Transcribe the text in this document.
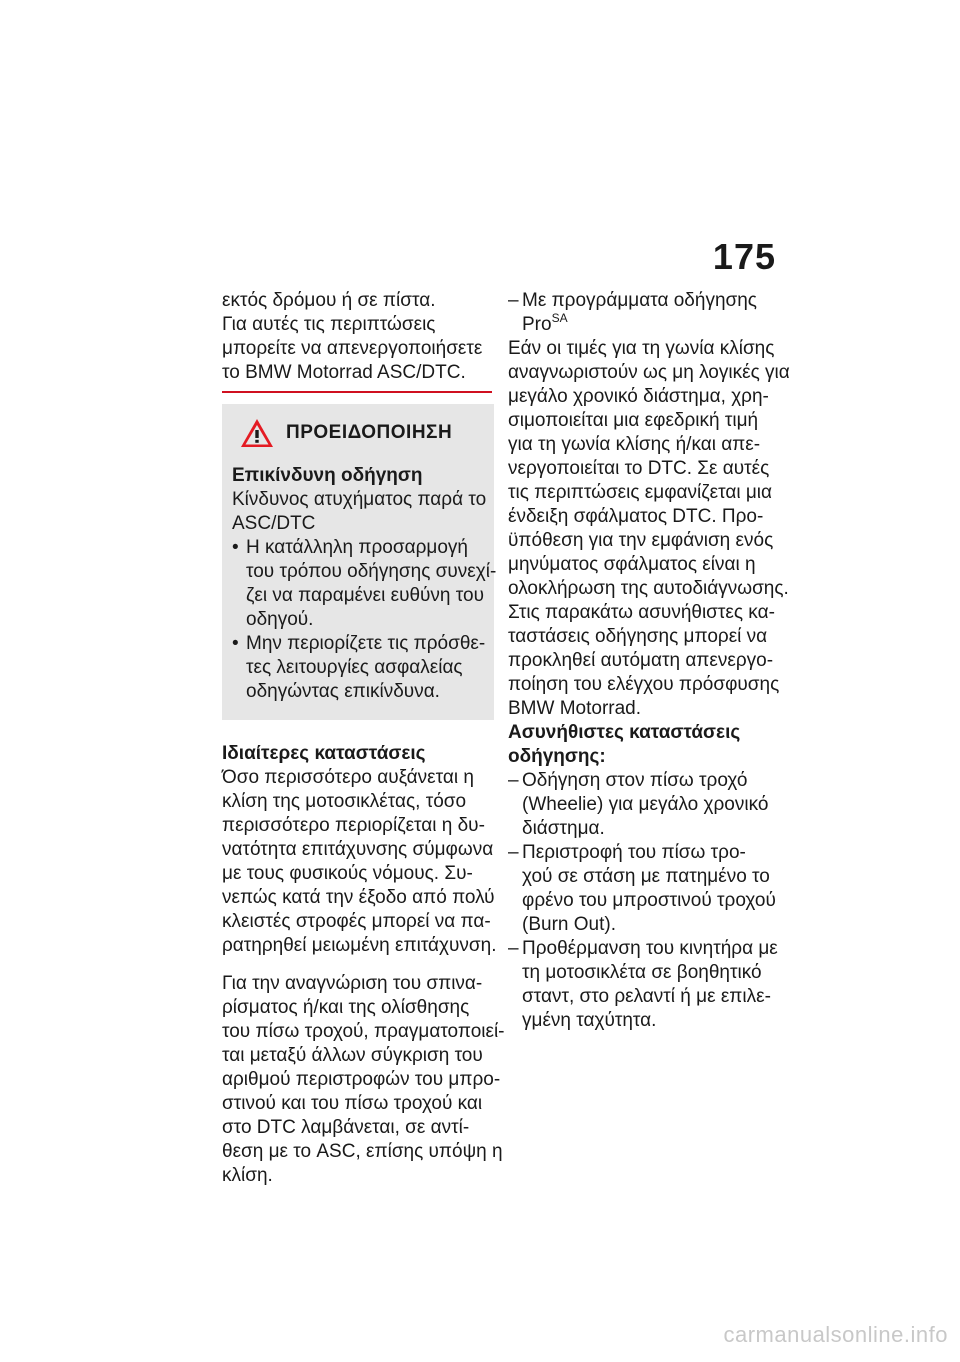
175
εκτός δρόμου ή σε πίστα.
Για αυτές τις περιπτώσεις
μπορείτε να απενεργοποιήσετε
το BMW Motorrad ASC/DTC.
ΠΡΟΕΙΔΟΠΟΙΗΣΗ
Επικίνδυνη οδήγηση
Κίνδυνος ατυχήματος παρά το
ASC/DTC
• Η κατάλληλη προσαρμογή
του τρόπου οδήγησης συνεχί-
ζει να παραμένει ευθύνη του
οδηγού.
• Μην περιορίζετε τις πρόσθε-
τες λειτουργίες ασφαλείας
οδηγώντας επικίνδυνα.
Ιδιαίτερες καταστάσεις
Όσο περισσότερο αυξάνεται η
κλίση της μοτοσικλέτας, τόσο
περισσότερο περιορίζεται η δυ-
νατότητα επιτάχυνσης σύμφωνα
με τους φυσικούς νόμους. Συ-
νεπώς κατά την έξοδο από πολύ
κλειστές στροφές μπορεί να πα-
ρατηρηθεί μειωμένη επιτάχυνση.
Για την αναγνώριση του σπινα-
ρίσματος ή/και της ολίσθησης
του πίσω τροχού, πραγματοποιεί-
ται μεταξύ άλλων σύγκριση του
αριθμού περιστροφών του μπρο-
στινού και του πίσω τροχού και
στο DTC λαμβάνεται, σε αντί-
θεση με το ASC, επίσης υπόψη η
κλίση.
– Με προγράμματα οδήγησης
Pro$^{SA}$
Εάν οι τιμές για τη γωνία κλίσης
αναγνωριστούν ως μη λογικές για
μεγάλο χρονικό διάστημα, χρη-
σιμοποιείται μια εφεδρική τιμή
για τη γωνία κλίσης ή/και απε-
νεργοποιείται το DTC. Σε αυτές
τις περιπτώσεις εμφανίζεται μια
ένδειξη σφάλματος DTC. Προ-
ϋπόθεση για την εμφάνιση ενός
μηνύματος σφάλματος είναι η
ολοκλήρωση της αυτοδιάγνωσης.
Στις παρακάτω ασυνήθιστες κα-
ταστάσεις οδήγησης μπορεί να
προκληθεί αυτόματη απενεργο-
ποίηση του ελέγχου πρόσφυσης
BMW Motorrad.
Ασυνήθιστες καταστάσεις
οδήγησης:
– Οδήγηση στον πίσω τροχό
(Wheelie) για μεγάλο χρονικό
διάστημα.
– Περιστροφή του πίσω τρο-
χού σε στάση με πατημένο το
φρένο του μπροστινού τροχού
(Burn Out).
– Προθέρμανση του κινητήρα με
τη μοτοσικλέτα σε βοηθητικό
σταντ, στο ρελαντί ή με επιλε-
γμένη ταχύτητα.
carmanualsonline.info
